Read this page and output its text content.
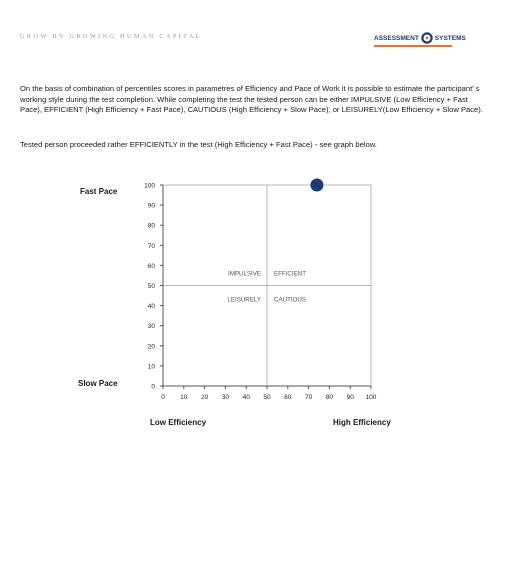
GROW BY GROWING HUMAN CAPITAL	ASSESSMENT SYSTEMS
On the basis of combination of percentiles scores in parametres of Efficiency and Pace of Work it is possible to estimate the participant' s working style during the test completion. While completing the test the tested person can be either IMPULSIVE (Low Efficiency + Fast Pace), EFFICIENT (High Efficiency + Fast Pace), CAUTIOUS (High Efficiency + Slow Pace), or LEISURELY(Low Efficiency + Slow Pace).
Tested person proceeded rather EFFICIENTLY in the test (High Efficiency + Fast Pace) - see graph below.
Fast Pace
Slow Pace
Low Efficiency	High Efficiency
0
10
20
30
40
50
60
70
80
90
100
0 10 20 30 40 50 60 70 80 90 100
IMPULSIVE EFFICIENT
LEISURELY CAUTIOUS
